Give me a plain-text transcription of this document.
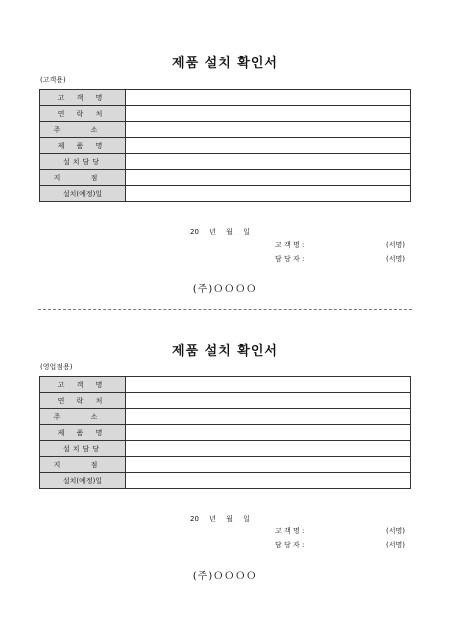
제품 설치 확인서
(고객용)
고 객 명	
연 락 처	
주 소	
제 품 명	
설치담당	
지 점	
설치(예정)일	
20 년 월 일
고 객 명 :	(서명)
담 당 자 :	(서명)
(주)ＯＯＯＯ
제품 설치 확인서
(영업점용)
고 객 명	
연 락 처	
주 소	
제 품 명	
설치담당	
지 점	
설치(예정)일	
20 년 월 일
고 객 명 :	(서명)
담 당 자 :	(서명)
(주)ＯＯＯＯ
